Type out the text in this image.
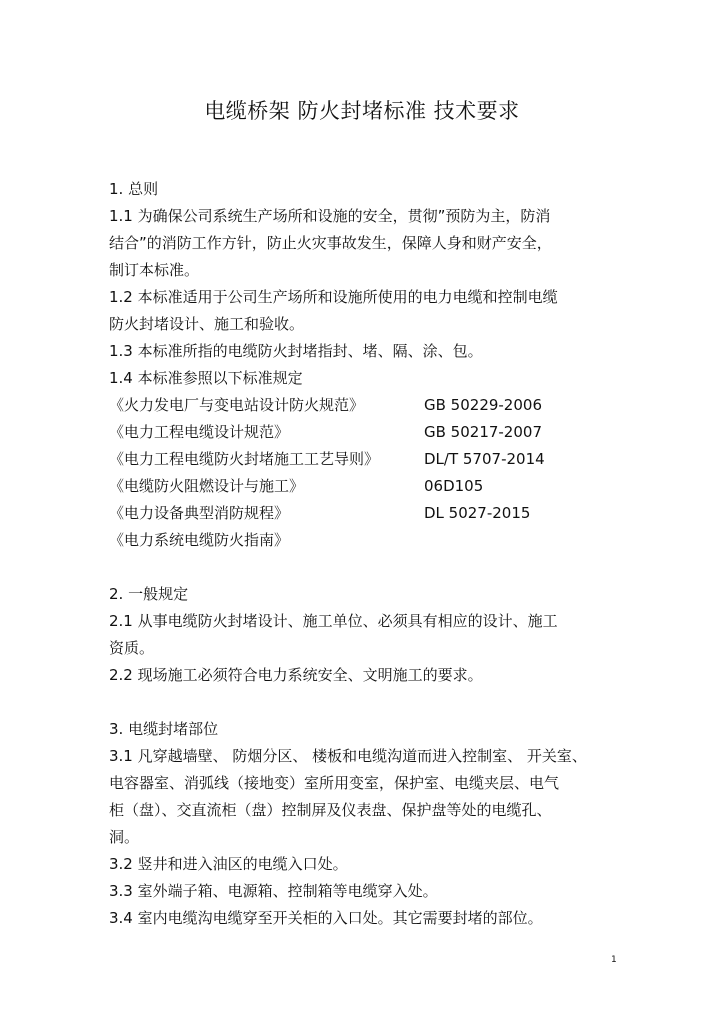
电缆桥架 防火封堵标准 技术要求
1. 总则
1.1 为确保公司系统生产场所和设施的安全，贯彻”预防为主，防消
结合”的消防工作方针，防止火灾事故发生，保障人身和财产安全，
制订本标准。
1.2 本标准适用于公司生产场所和设施所使用的电力电缆和控制电缆
防火封堵设计、施工和验收。
1.3 本标准所指的电缆防火封堵指封、堵、隔、涂、包。
1.4 本标准参照以下标准规定
《火力发电厂与变电站设计防火规范》	GB 50229-2006
《电力工程电缆设计规范》	GB 50217-2007
《电力工程电缆防火封堵施工工艺导则》	DL/T 5707-2014
《电缆防火阻燃设计与施工》	06D105
《电力设备典型消防规程》	DL 5027-2015
《电力系统电缆防火指南》
2. 一般规定
2.1 从事电缆防火封堵设计、施工单位、必须具有相应的设计、施工
资质。
2.2 现场施工必须符合电力系统安全、文明施工的要求。
3. 电缆封堵部位
3.1 凡穿越墙壁、 防烟分区、 楼板和电缆沟道而进入控制室、 开关室、
电容器室、消弧线（接地变）室所用变室，保护室、电缆夹层、电气
柜（盘）、交直流柜（盘）控制屏及仪表盘、保护盘等处的电缆孔、
洞。
3.2 竖井和进入油区的电缆入口处。
3.3 室外端子箱、电源箱、控制箱等电缆穿入处。
3.4 室内电缆沟电缆穿至开关柜的入口处。其它需要封堵的部位。
1
